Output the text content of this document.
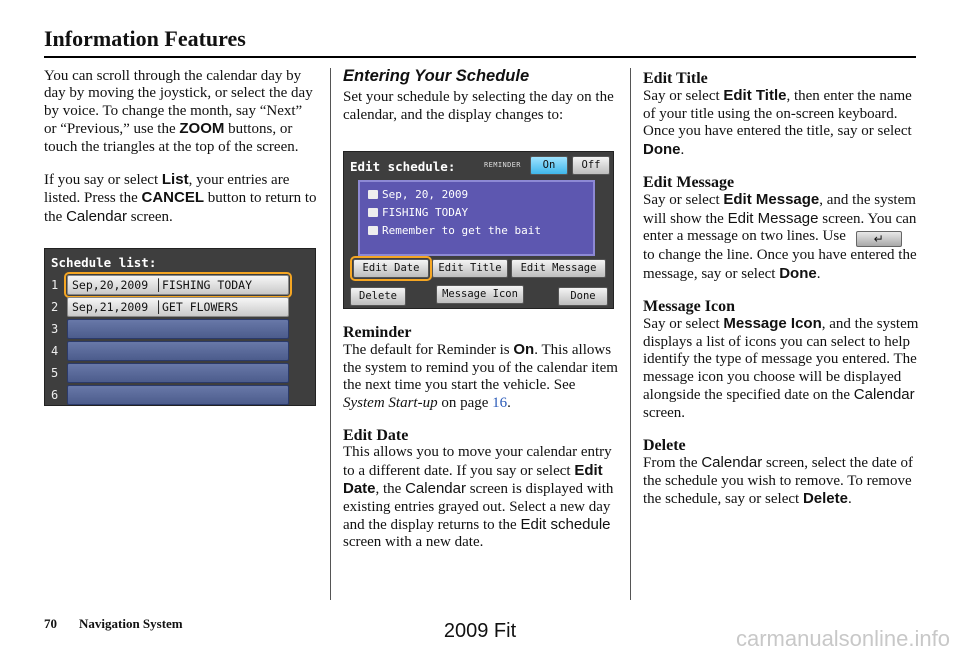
Information Features

You can scroll through the calendar day by day by moving the joystick, or select the day by voice. To change the month, say “Next” or “Previous,” use the ZOOM buttons, or touch the triangles at the top of the screen.

If you say or select List, your entries are listed. Press the CANCEL button to return to the Calendar screen.

Schedule list:
1	Sep,20,2009 │FISHING TODAY
2	Sep,21,2009 │GET FLOWERS
3
4
5
6
Entering Your Schedule

Set your schedule by selecting the day on the calendar, and the display changes to:

Edit schedule:	REMINDER	On	Off
Sep, 20, 2009
FISHING TODAY
Remember to get the bait
Edit Date	Edit Title	Edit Message
Delete	Message Icon	Done
Reminder

The default for Reminder is On. This allows the system to remind you of the calendar item the next time you start the vehicle. See System Start-up on page 16.

Edit Date

This allows you to move your calendar entry to a different date. If you say or select Edit Date, the Calendar screen is displayed with existing entries grayed out. Select a new day and the display returns to the Edit schedule screen with a new date.

Edit Title

Say or select Edit Title, then enter the name of your title using the on-screen keyboard. Once you have entered the title, say or select Done.

Edit Message

Say or select Edit Message, and the system will show the Edit Message screen. You can enter a message on two lines. Use ↵ to change the line. Once you have entered the message, say or select Done.

Message Icon

Say or select Message Icon, and the system displays a list of icons you can select to help identify the type of message you entered. The message icon you choose will be displayed alongside the specified date on the Calendar screen.

Delete

From the Calendar screen, select the date of the schedule you wish to remove. To remove the schedule, say or select Delete.

70 Navigation System	2009 Fit	carmanualsonline.info
